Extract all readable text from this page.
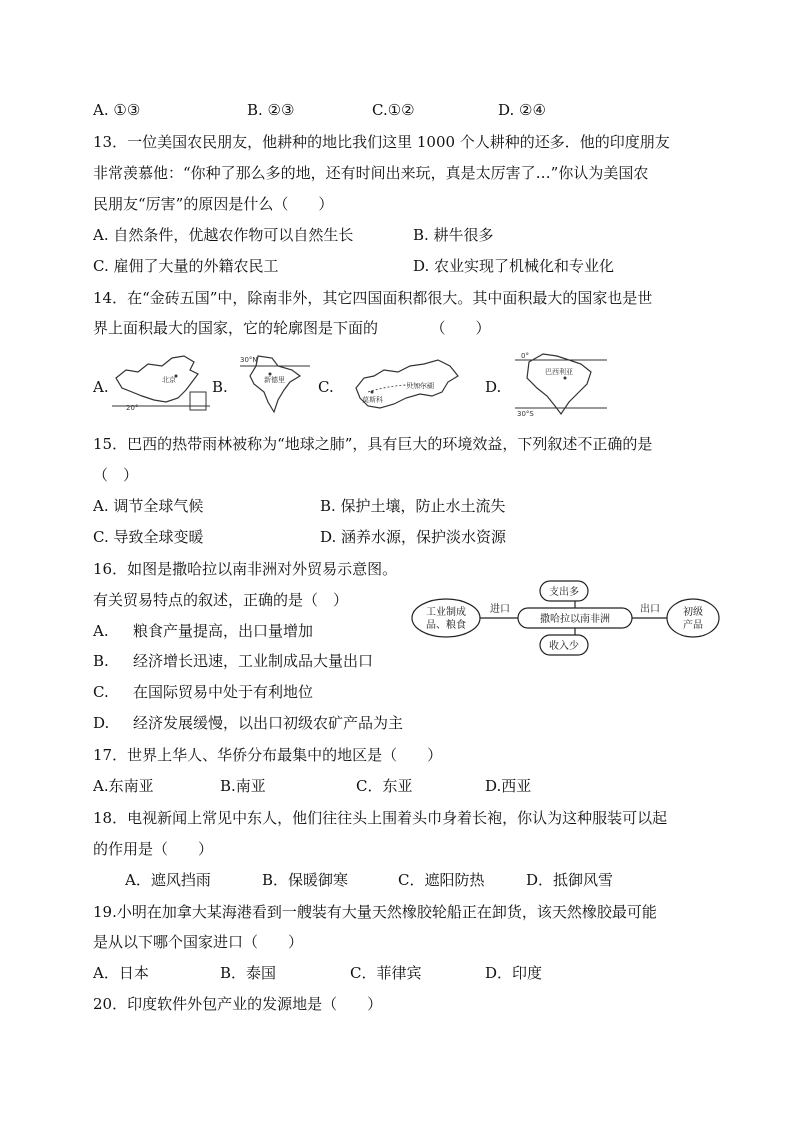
A. ①③	B. ②③	C.①②	D. ②④
13．一位美国农民朋友，他耕种的地比我们这里 1000 个人耕种的还多．他的印度朋友
非常羡慕他：“你种了那么多的地，还有时间出来玩，真是太厉害了…”你认为美国农
民朋友“厉害”的原因是什么（　　）
A. 自然条件，优越农作物可以自然生长	B. 耕牛很多
C. 雇佣了大量的外籍农民工	D. 农业实现了机械化和专业化
14．在“金砖五国”中，除南非外，其它四国面积都很大。其中面积最大的国家也是世
界上面积最大的国家，它的轮廓图是下面的　　　　（　　）
A.	北京
20°
B.
30°N
新德里 C.
莫斯科
贝加尔湖	D.
0°
巴西利亚
30°S
15．巴西的热带雨林被称为“地球之肺”，具有巨大的环境效益，下列叙述不正确的是
（　）
A. 调节全球气候	B. 保护土壤，防止水土流失
C. 导致全球变暖	D. 涵养水源，保护淡水资源
16．如图是撒哈拉以南非洲对外贸易示意图。
有关贸易特点的叙述，正确的是（　）
A. 粮食产量提高，出口量增加
B. 经济增长迅速，工业制成品大量出口
C. 在国际贸易中处于有利地位
D. 经济发展缓慢，以出口初级农矿产品为主
工业制成
品、粮食
进口
撒哈拉以南非洲
出口 初级
产品
支出多
收入少
17．世界上华人、华侨分布最集中的地区是（　　）
A.东南亚	B.南亚	C．东亚	D.西亚
18．电视新闻上常见中东人，他们往往头上围着头巾身着长袍，你认为这种服装可以起
的作用是（　　）
A．遮风挡雨	B．保暖御寒	C．遮阳防热	D．抵御风雪
19.小明在加拿大某海港看到一艘装有大量天然橡胶轮船正在卸货，该天然橡胶最可能
是从以下哪个国家进口（　　）
A．日本	B．泰国	C．菲律宾	D．印度
20．印度软件外包产业的发源地是（　　）
